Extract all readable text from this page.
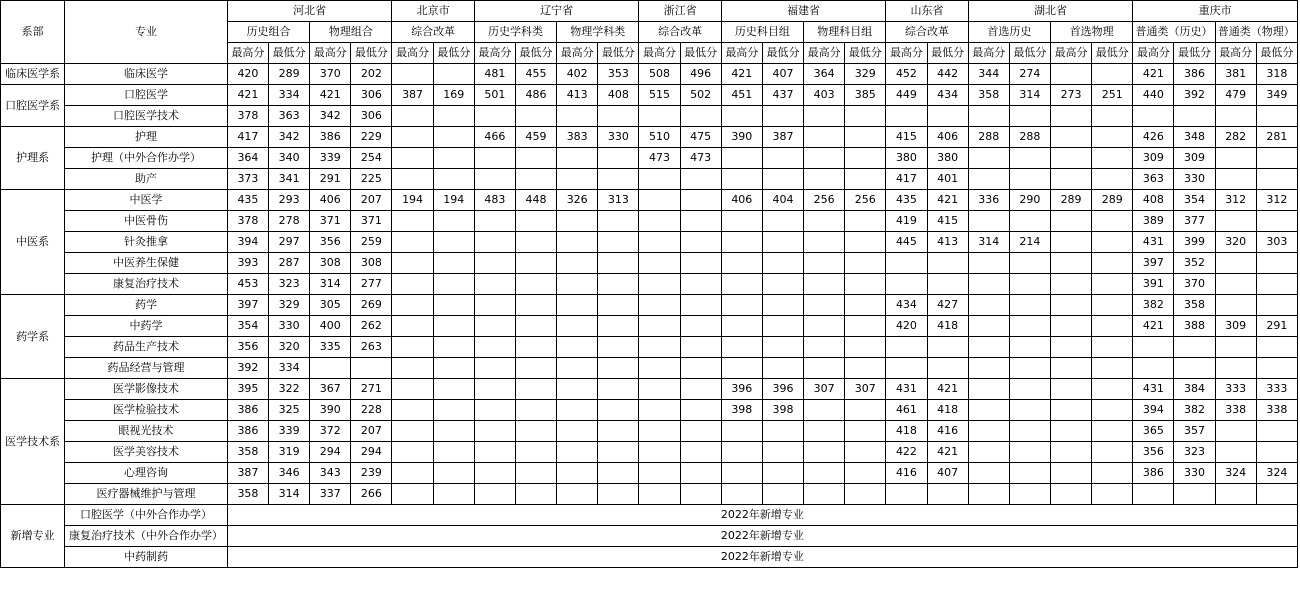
系部	专业	河北省				北京市		辽宁省				浙江省		福建省				山东省		湖北省				重庆市			
		历史组合		物理组合		综合改革		历史学科类		物理学科类		综合改革		历史科目组		物理科目组		综合改革		首选历史		首选物理		普通类（历史）		普通类（物理）	
		最高分	最低分	最高分	最低分	最高分	最低分	最高分	最低分	最高分	最低分	最高分	最低分	最高分	最低分	最高分	最低分	最高分	最低分	最高分	最低分	最高分	最低分	最高分	最低分	最高分	最低分
临床医学系	临床医学	420	289	370	202			481	455	402	353	508	496	421	407	364	329	452	442	344	274			421	386	381	318
口腔医学系	口腔医学	421	334	421	306	387	169	501	486	413	408	515	502	451	437	403	385	449	434	358	314	273	251	440	392	479	349
	口腔医学技术	378	363	342	306																						
护理系	护理	417	342	386	229			466	459	383	330	510	475	390	387			415	406	288	288			426	348	282	281
	护理（中外合作办学）	364	340	339	254							473	473					380	380					309	309		
	助产	373	341	291	225													417	401					363	330		
中医系	中医学	435	293	406	207	194	194	483	448	326	313			406	404	256	256	435	421	336	290	289	289	408	354	312	312
	中医骨伤	378	278	371	371													419	415					389	377		
	针灸推拿	394	297	356	259													445	413	314	214			431	399	320	303
	中医养生保健	393	287	308	308																			397	352		
	康复治疗技术	453	323	314	277																			391	370		
药学系	药学	397	329	305	269													434	427					382	358		
	中药学	354	330	400	262													420	418					421	388	309	291
	药品生产技术	356	320	335	263																						
	药品经营与管理	392	334																								
医学技术系	医学影像技术	395	322	367	271									396	396	307	307	431	421					431	384	333	333
	医学检验技术	386	325	390	228									398	398			461	418					394	382	338	338
	眼视光技术	386	339	372	207													418	416					365	357		
	医学美容技术	358	319	294	294													422	421					356	323		
	心理咨询	387	346	343	239													416	407					386	330	324	324
	医疗器械维护与管理	358	314	337	266																						
新增专业	口腔医学（中外合作办学）	2022年新增专业																									
	康复治疗技术（中外合作办学）	2022年新增专业																									
	中药制药	2022年新增专业																									
